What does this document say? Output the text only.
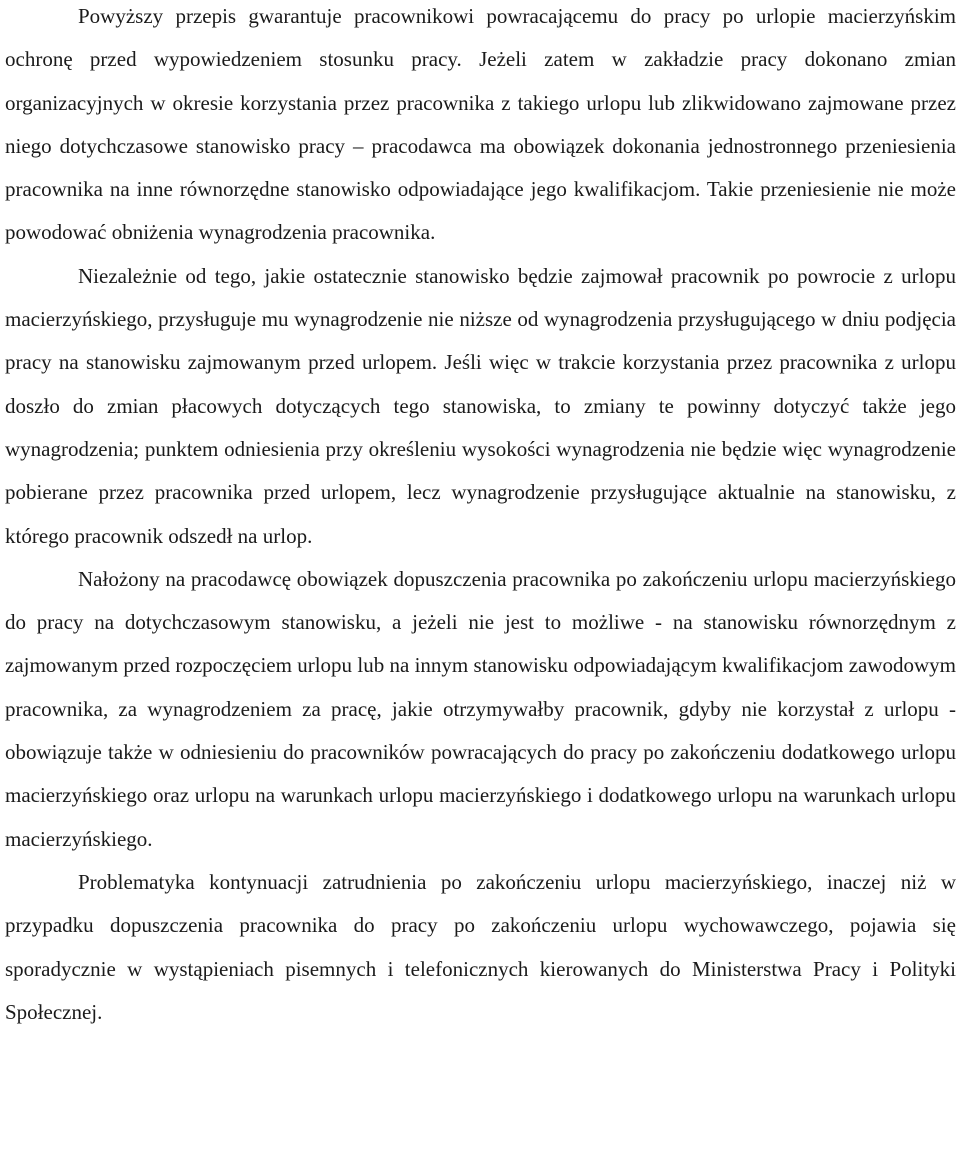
Powyższy przepis gwarantuje pracownikowi powracającemu do pracy po urlopie macierzyńskim ochronę przed wypowiedzeniem stosunku pracy. Jeżeli zatem w zakładzie pracy dokonano zmian organizacyjnych w okresie korzystania przez pracownika z takiego urlopu lub zlikwidowano zajmowane przez niego dotychczasowe stanowisko pracy – pracodawca ma obowiązek dokonania jednostronnego przeniesienia pracownika na inne równorzędne stanowisko odpowiadające jego kwalifikacjom. Takie przeniesienie nie może powodować obniżenia wynagrodzenia pracownika.

Niezależnie od tego, jakie ostatecznie stanowisko będzie zajmował pracownik po powrocie z urlopu macierzyńskiego, przysługuje mu wynagrodzenie nie niższe od wynagrodzenia przysługującego w dniu podjęcia pracy na stanowisku zajmowanym przed urlopem. Jeśli więc w trakcie korzystania przez pracownika z urlopu doszło do zmian płacowych dotyczących tego stanowiska, to zmiany te powinny dotyczyć także jego wynagrodzenia; punktem odniesienia przy określeniu wysokości wynagrodzenia nie będzie więc wynagrodzenie pobierane przez pracownika przed urlopem, lecz wynagrodzenie przysługujące aktualnie na stanowisku, z którego pracownik odszedł na urlop.

Nałożony na pracodawcę obowiązek dopuszczenia pracownika po zakończeniu urlopu macierzyńskiego do pracy na dotychczasowym stanowisku, a jeżeli nie jest to możliwe - na stanowisku równorzędnym z zajmowanym przed rozpoczęciem urlopu lub na innym stanowisku odpowiadającym kwalifikacjom zawodowym pracownika, za wynagrodzeniem za pracę, jakie otrzymywałby pracownik, gdyby nie korzystał z urlopu - obowiązuje także w odniesieniu do pracowników powracających do pracy po zakończeniu dodatkowego urlopu macierzyńskiego oraz urlopu na warunkach urlopu macierzyńskiego i dodatkowego urlopu na warunkach urlopu macierzyńskiego.

Problematyka kontynuacji zatrudnienia po zakończeniu urlopu macierzyńskiego, inaczej niż w przypadku dopuszczenia pracownika do pracy po zakończeniu urlopu wychowawczego, pojawia się sporadycznie w wystąpieniach pisemnych i telefonicznych kierowanych do Ministerstwa Pracy i Polityki Społecznej.
